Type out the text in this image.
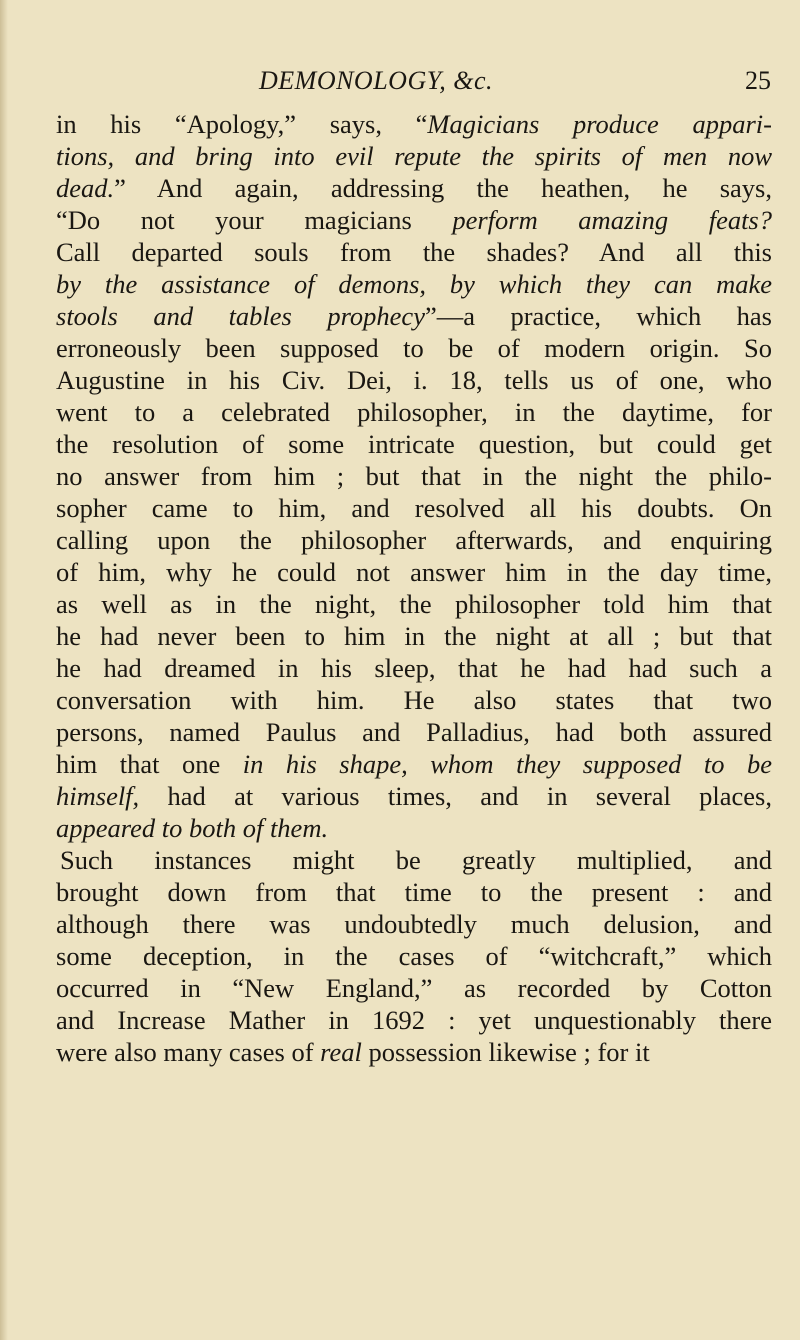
DEMONOLOGY, &c.	25
in his “Apology,” says, “Magicians produce appari-
tions, and bring into evil repute the spirits of men now
dead.” And again, addressing the heathen, he says,
“Do not your magicians perform amazing feats?
Call departed souls from the shades? And all this
by the assistance of demons, by which they can make
stools and tables prophecy”—a practice, which has
erroneously been supposed to be of modern origin. So
Augustine in his Civ. Dei, i. 18, tells us of one, who
went to a celebrated philosopher, in the daytime, for
the resolution of some intricate question, but could get
no answer from him ; but that in the night the philo-
sopher came to him, and resolved all his doubts. On
calling upon the philosopher afterwards, and enquiring
of him, why he could not answer him in the day time,
as well as in the night, the philosopher told him that
he had never been to him in the night at all ; but that
he had dreamed in his sleep, that he had had such a
conversation with him. He also states that two
persons, named Paulus and Palladius, had both assured
him that one in his shape, whom they supposed to be
himself, had at various times, and in several places,
appeared to both of them.
Such instances might be greatly multiplied, and
brought down from that time to the present : and
although there was undoubtedly much delusion, and
some deception, in the cases of “witchcraft,” which
occurred in “New England,” as recorded by Cotton
and Increase Mather in 1692 : yet unquestionably there
were also many cases of real possession likewise ; for it
